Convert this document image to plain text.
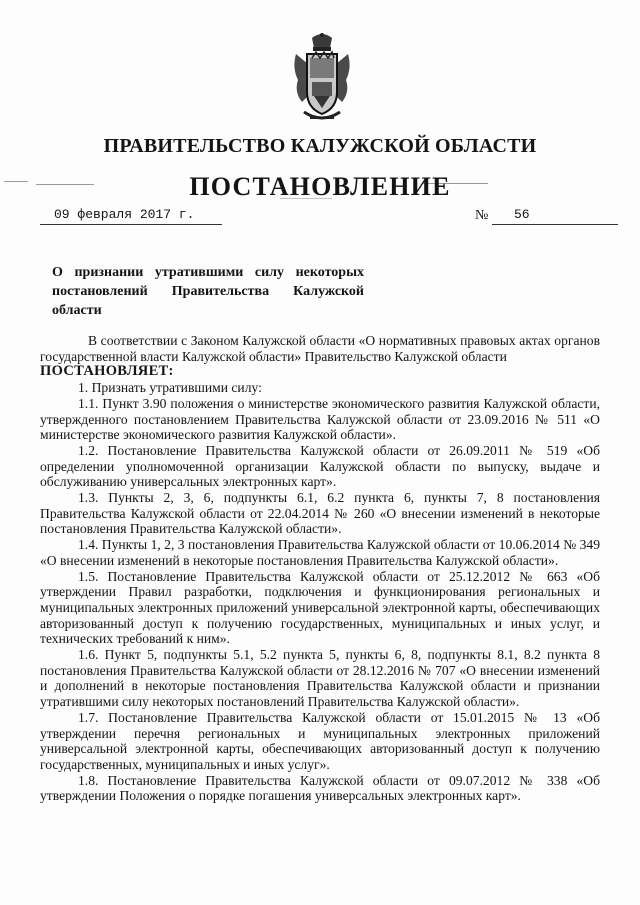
ПРАВИТЕЛЬСТВО КАЛУЖСКОЙ ОБЛАСТИ
ПОСТАНОВЛЕНИЕ
09 февраля 2017 г.	№	56
О признании утратившими силу некоторых постановлений Правительства Калужской области

В соответствии с Законом Калужской области «О нормативных правовых актах органов государственной власти Калужской области» Правительство Калужской области

ПОСТАНОВЛЯЕТ:

1. Признать утратившими силу:

1.1. Пункт 3.90 положения о министерстве экономического развития Калужской области, утвержденного постановлением Правительства Калужской области от 23.09.2016 № 511 «О министерстве экономического развития Калужской области».

1.2. Постановление Правительства Калужской области от 26.09.2011 № 519 «Об определении уполномоченной организации Калужской области по выпуску, выдаче и обслуживанию универсальных электронных карт».

1.3. Пункты 2, 3, 6, подпункты 6.1, 6.2 пункта 6, пункты 7, 8 постановления Правительства Калужской области от 22.04.2014 № 260 «О внесении изменений в некоторые постановления Правительства Калужской области».

1.4. Пункты 1, 2, 3 постановления Правительства Калужской области от 10.06.2014 № 349 «О внесении изменений в некоторые постановления Правительства Калужской области».

1.5. Постановление Правительства Калужской области от 25.12.2012 № 663 «Об утверждении Правил разработки, подключения и функционирования региональных и муниципальных электронных приложений универсальной электронной карты, обеспечивающих авторизованный доступ к получению государственных, муниципальных и иных услуг, и технических требований к ним».

1.6. Пункт 5, подпункты 5.1, 5.2 пункта 5, пункты 6, 8, подпункты 8.1, 8.2 пункта 8 постановления Правительства Калужской области от 28.12.2016 № 707 «О внесении изменений и дополнений в некоторые постановления Правительства Калужской области и признании утратившими силу некоторых постановлений Правительства Калужской области».

1.7. Постановление Правительства Калужской области от 15.01.2015 № 13 «Об утверждении перечня региональных и муниципальных электронных приложений универсальной электронной карты, обеспечивающих авторизованный доступ к получению государственных, муниципальных и иных услуг».

1.8. Постановление Правительства Калужской области от 09.07.2012 № 338 «Об утверждении Положения о порядке погашения универсальных электронных карт».
